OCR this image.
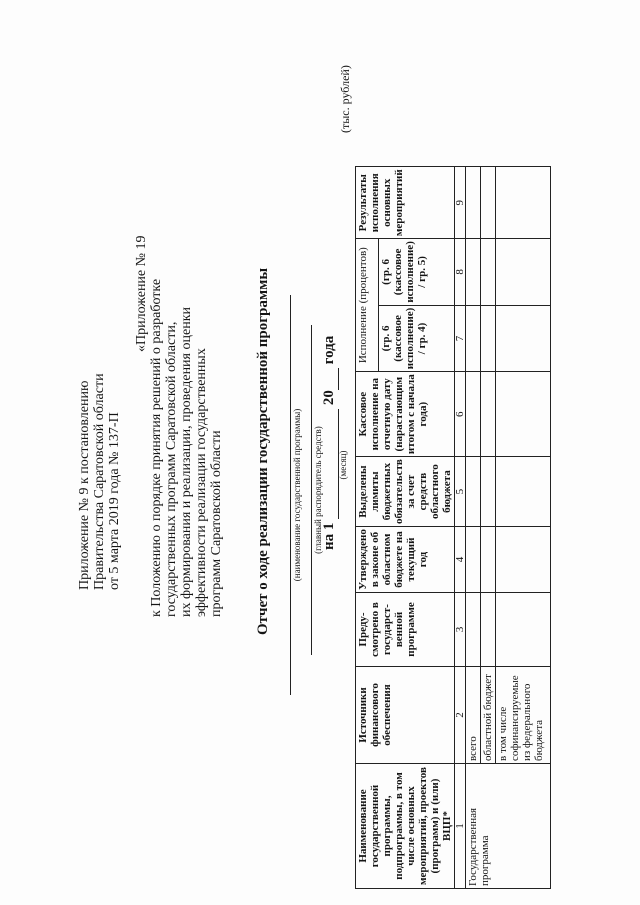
Приложение № 9 к постановлению Правительства Саратовской области от 5 марта 2019 года № 137-П
«Приложение № 19 к Положению о порядке принятия решений о разработке государственных программ Саратовской области, их формирования и реализации, проведения оценки эффективности реализации государственных программ Саратовской области Отчет о ходе реализации государственной программы (наименование государственной программы) (главный распорядитель средств)
на 1   20  года
(месяц)
(тыс. рублей)
Наименование государственной программы, подпрограммы, в том числе основных мероприятий, проектов (программ) и (или) ВЦП*	Источники финансового обеспечения	Преду-смотрено в государст-венной программе	Утверждено в законе об областном бюджете на текущий год	Выделены лимиты бюджетных обязательств за счет средств областного бюджета	Кассовое исполнение на отчетную дату (нарастающим итогом с начала года)	Исполнение (процентов)		Результаты исполнения основных мероприятий
						(гр. 6 (кассовое исполнение) / гр. 4)	(гр. 6 (кассовое исполнение) / гр. 5)	
1	2	3	4	5	6	7	8	9
Государственная программа	всего							
	областной бюджет							
	в том числе софинансируемые из федерального бюджета							
